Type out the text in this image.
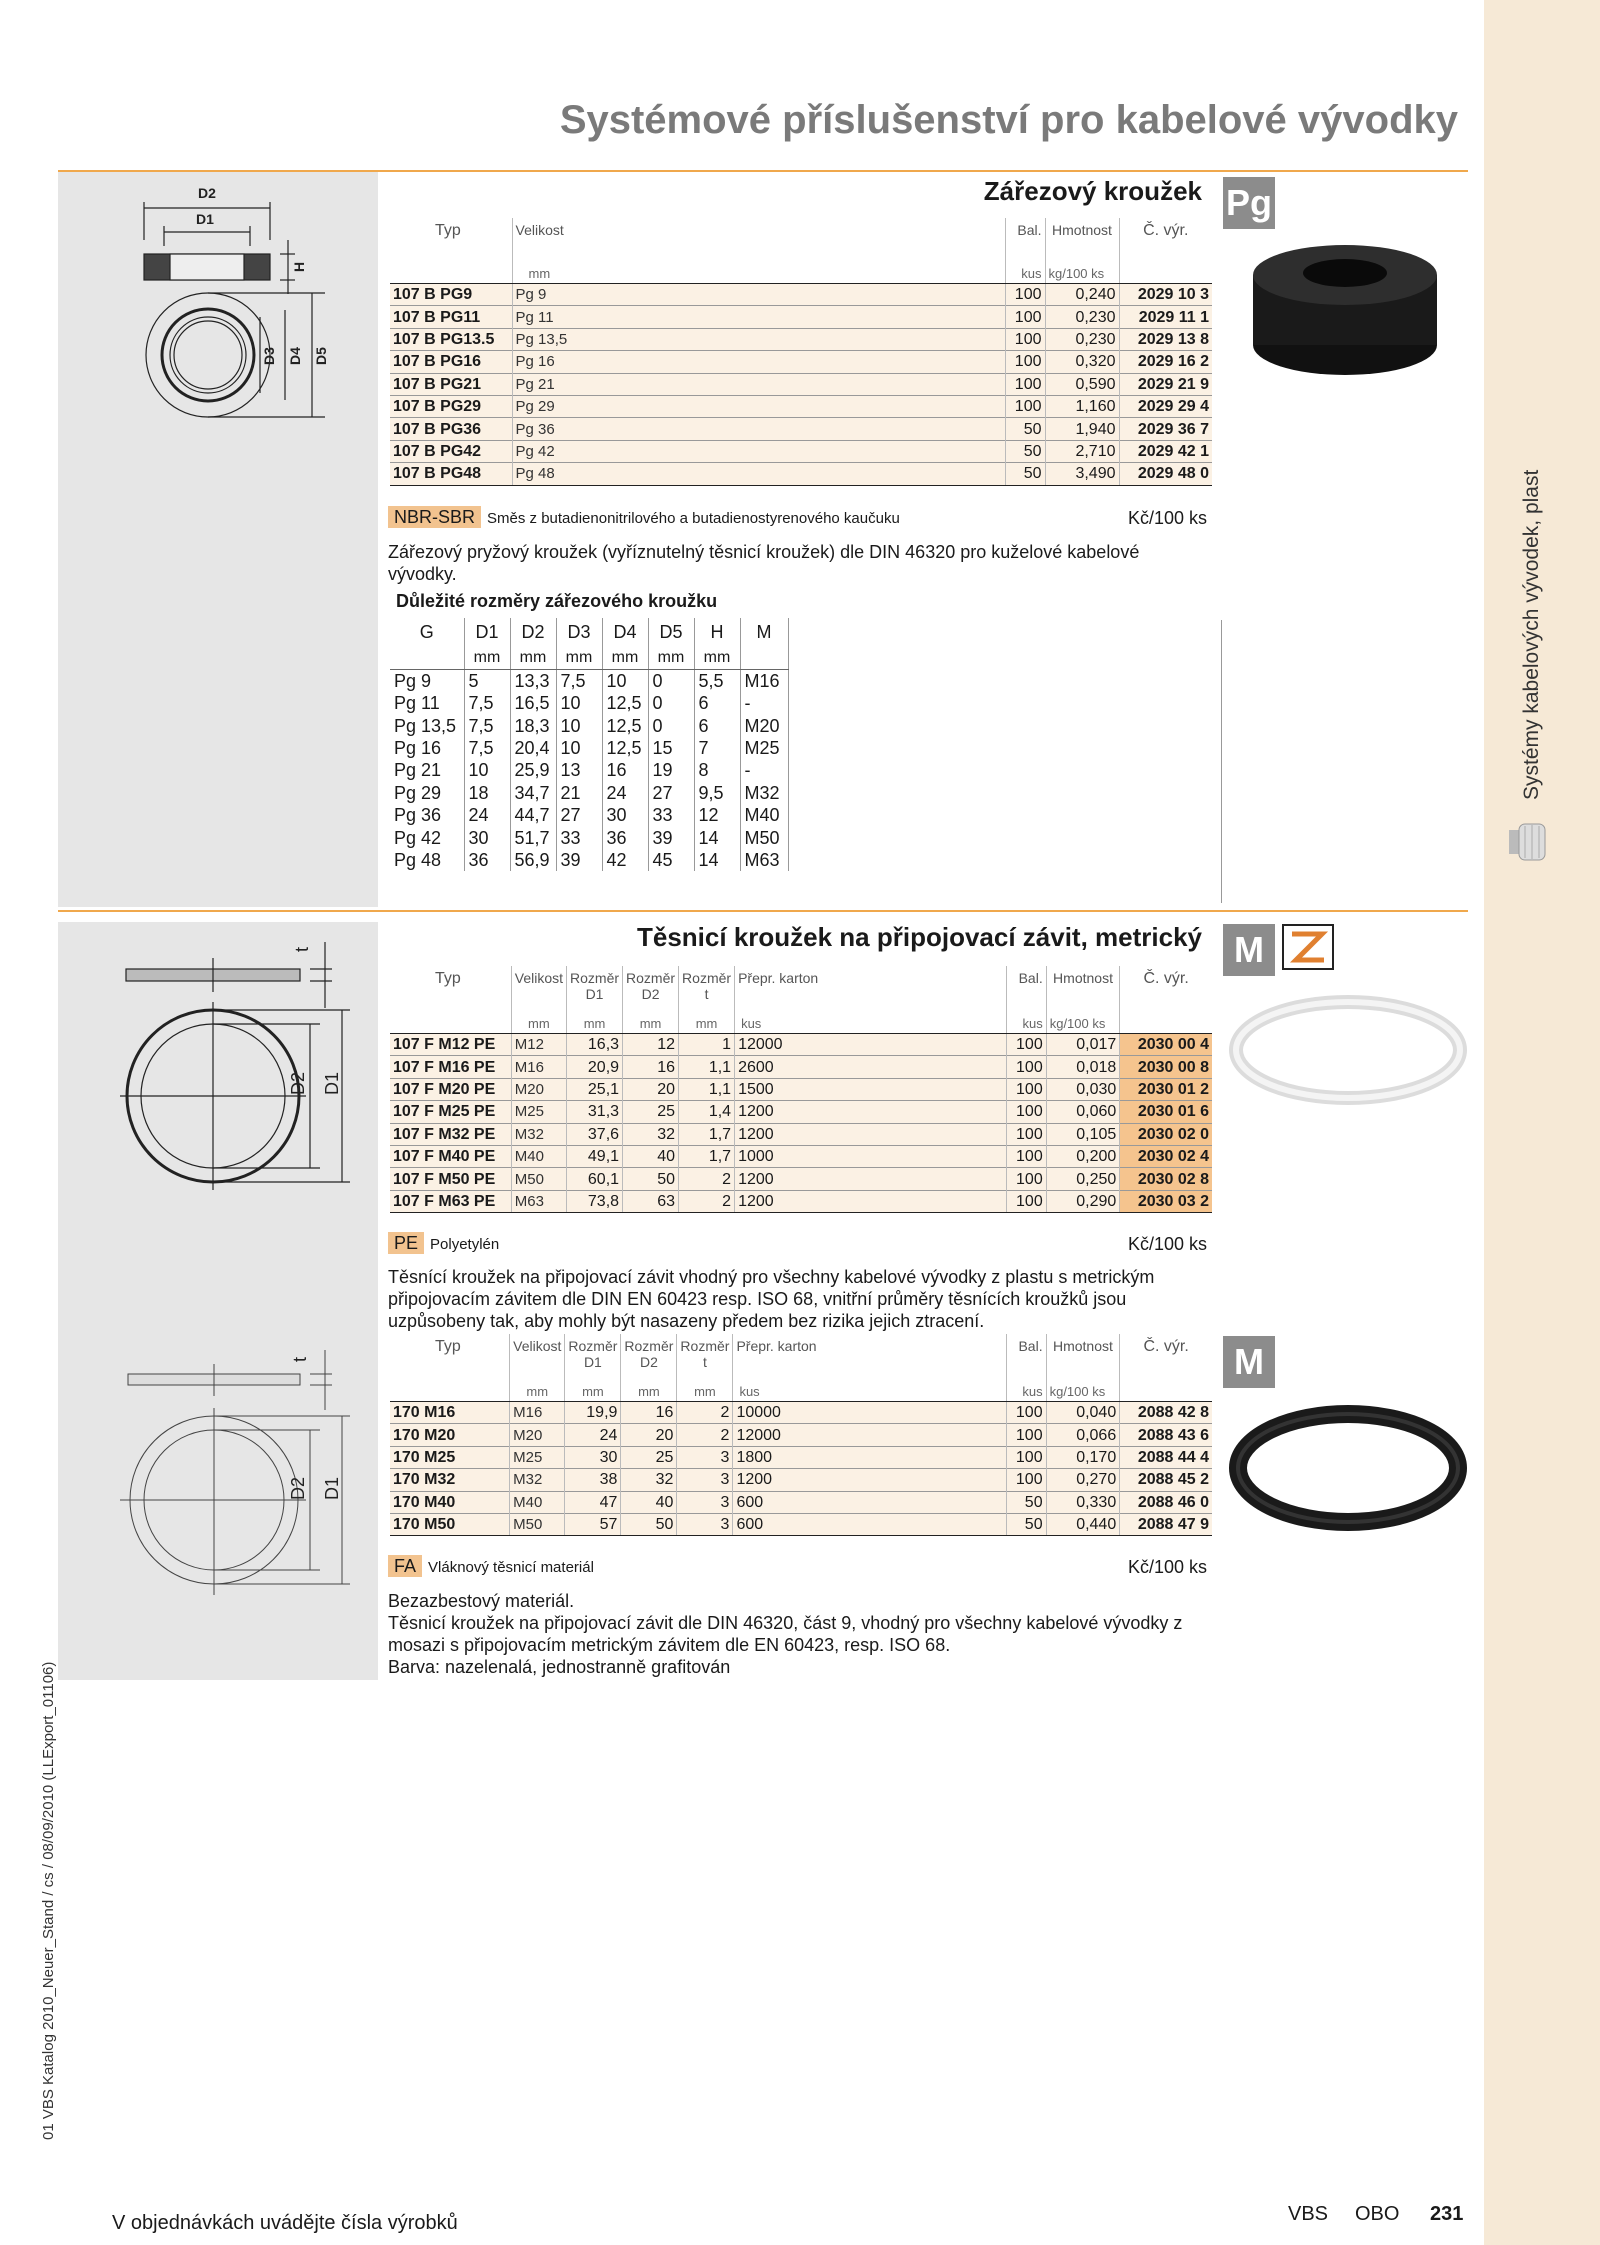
Systémy kabelových vývodek, plast
01 VBS Katalog 2010_Neuer_Stand / cs / 08/09/2010 (LLExport_01106)
Systémové příslušenství pro kabelové vývodky
D2
D1
H
D3 D4 D5
Zářezový kroužek Pg
Typ	Velikost	Bal.	Hmotnost	Č. výr.
	mm	kus	kg/100 ks	
107 B PG9	Pg 9	100	0,240	2029 10 3
107 B PG11	Pg 11	100	0,230	2029 11 1
107 B PG13.5	Pg 13,5	100	0,230	2029 13 8
107 B PG16	Pg 16	100	0,320	2029 16 2
107 B PG21	Pg 21	100	0,590	2029 21 9
107 B PG29	Pg 29	100	1,160	2029 29 4
107 B PG36	Pg 36	50	1,940	2029 36 7
107 B PG42	Pg 42	50	2,710	2029 42 1
107 B PG48	Pg 48	50	3,490	2029 48 0
NBR-SBR Směs z butadienonitrilového a butadienostyrenového kaučuku	Kč/100 ks
Zářezový pryžový kroužek (vyříznutelný těsnicí kroužek) dle DIN 46320 pro kuželové kabelové vývodky.
Důležité rozměry zářezového kroužku
G	D1	D2	D3	D4	D5	H	M
	mm	mm	mm	mm	mm	mm	
Pg 9	5	13,3	7,5	10	0	5,5	M16
Pg 11	7,5	16,5	10	12,5	0	6	-
Pg 13,5	7,5	18,3	10	12,5	0	6	M20
Pg 16	7,5	20,4	10	12,5	15	7	M25
Pg 21	10	25,9	13	16	19	8	-
Pg 29	18	34,7	21	24	27	9,5	M32
Pg 36	24	44,7	27	30	33	12	M40
Pg 42	30	51,7	33	36	39	14	M50
Pg 48	36	56,9	39	42	45	14	M63
t
D2 D1
Těsnicí kroužek na připojovací závit, metrický M
Typ	Velikost	Rozměr D1	Rozměr D2	Rozměr t	Přepr. karton	Bal.	Hmotnost	Č. výr.
	mm	mm	mm	mm	kus	kus	kg/100 ks	
107 F M12 PE	M12	16,3	12	1	12000	100	0,017	2030 00 4
107 F M16 PE	M16	20,9	16	1,1	2600	100	0,018	2030 00 8
107 F M20 PE	M20	25,1	20	1,1	1500	100	0,030	2030 01 2
107 F M25 PE	M25	31,3	25	1,4	1200	100	0,060	2030 01 6
107 F M32 PE	M32	37,6	32	1,7	1200	100	0,105	2030 02 0
107 F M40 PE	M40	49,1	40	1,7	1000	100	0,200	2030 02 4
107 F M50 PE	M50	60,1	50	2	1200	100	0,250	2030 02 8
107 F M63 PE	M63	73,8	63	2	1200	100	0,290	2030 03 2
PE Polyetylén	Kč/100 ks
Těsnící kroužek na připojovací závit vhodný pro všechny kabelové vývodky z plastu s metrickým připojovacím závitem dle DIN EN 60423 resp. ISO 68, vnitřní průměry těsnících kroužků jsou uzpůsobeny tak, aby mohly být nasazeny předem bez rizika jejich ztracení.
t
D2 D1
M
Typ	Velikost	Rozměr D1	Rozměr D2	Rozměr t	Přepr. karton	Bal.	Hmotnost	Č. výr.
	mm	mm	mm	mm	kus	kus	kg/100 ks	
170 M16	M16	19,9	16	2	10000	100	0,040	2088 42 8
170 M20	M20	24	20	2	12000	100	0,066	2088 43 6
170 M25	M25	30	25	3	1800	100	0,170	2088 44 4
170 M32	M32	38	32	3	1200	100	0,270	2088 45 2
170 M40	M40	47	40	3	600	50	0,330	2088 46 0
170 M50	M50	57	50	3	600	50	0,440	2088 47 9
FA Vláknový těsnicí materiál	Kč/100 ks
Bezazbestový materiál.
Těsnicí kroužek na připojovací závit dle DIN 46320, část 9, vhodný pro všechny kabelové vývodky z mosazi s připojovacím metrickým závitem dle EN 60423, resp. ISO 68.
Barva: nazelenalá, jednostranně grafitován
V objednávkách uvádějte čísla výrobků	VBS OBO 231
